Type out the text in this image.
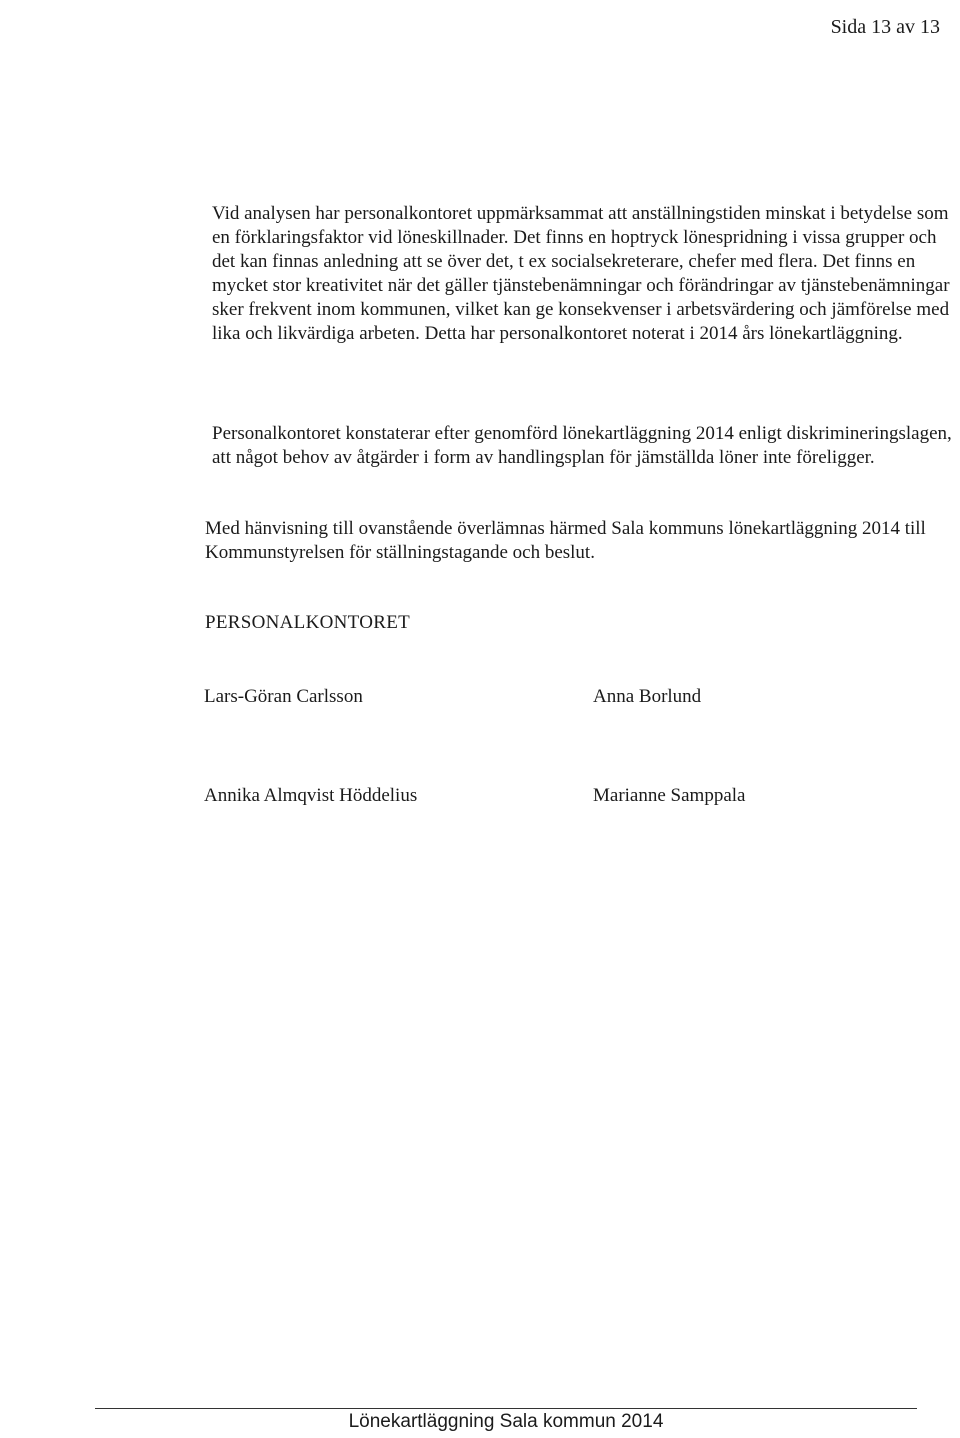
Sida 13 av 13

Vid analysen har personalkontoret uppmärksammat att anställningstiden minskat i betydelse som en förklaringsfaktor vid löneskillnader. Det finns en hoptryck lönespridning i vissa grupper och det kan finnas anledning att se över det, t ex socialsekreterare, chefer med flera. Det finns en mycket stor kreativitet när det gäller tjänstebenämningar och förändringar av tjänstebenämningar sker frekvent inom kommunen, vilket kan ge konsekvenser i arbetsvärdering och jämförelse med lika och likvärdiga arbeten. Detta har personalkontoret noterat i 2014 års lönekartläggning.

Personalkontoret konstaterar efter genomförd lönekartläggning 2014 enligt diskrimineringslagen, att något behov av åtgärder i form av handlingsplan för jämställda löner inte föreligger.

Med hänvisning till ovanstående överlämnas härmed Sala kommuns lönekartläggning 2014 till Kommunstyrelsen för ställningstagande och beslut.

PERSONALKONTORET
Lars-Göran Carlsson	Anna Borlund
Annika Almqvist Höddelius	Marianne Samppala
Lönekartläggning Sala kommun 2014
